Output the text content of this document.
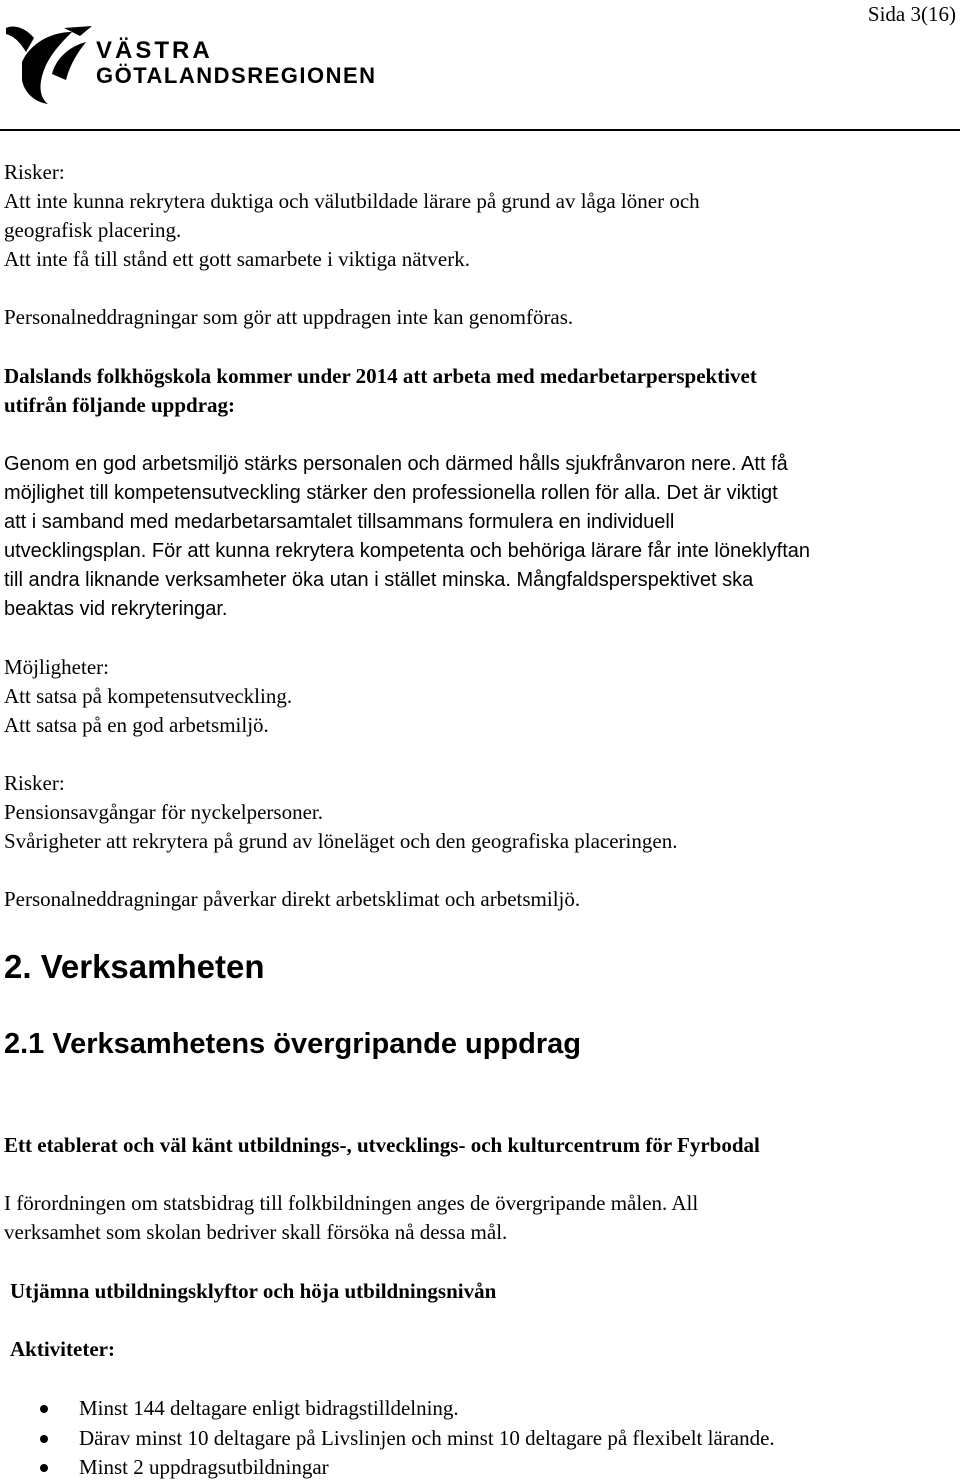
VÄSTRA
GÖTALANDSREGIONEN
Sida 3(16)
Risker:
Att inte kunna rekrytera duktiga och välutbildade lärare på grund av låga löner och
geografisk placering.
Att inte få till stånd ett gott samarbete i viktiga nätverk.
Personalneddragningar som gör att uppdragen inte kan genomföras.
Dalslands folkhögskola kommer under 2014 att arbeta med medarbetarperspektivet
utifrån följande uppdrag:
Genom en god arbetsmiljö stärks personalen och därmed hålls sjukfrånvaron nere. Att få
möjlighet till kompetensutveckling stärker den professionella rollen för alla. Det är viktigt
att i samband med medarbetarsamtalet tillsammans formulera en individuell
utvecklingsplan. För att kunna rekrytera kompetenta och behöriga lärare får inte löneklyftan
till andra liknande verksamheter öka utan i stället minska. Mångfaldsperspektivet ska
beaktas vid rekryteringar.
Möjligheter:
Att satsa på kompetensutveckling.
Att satsa på en god arbetsmiljö.
Risker:
Pensionsavgångar för nyckelpersoner.
Svårigheter att rekrytera på grund av löneläget och den geografiska placeringen.
Personalneddragningar påverkar direkt arbetsklimat och arbetsmiljö.
2. Verksamheten
2.1 Verksamhetens övergripande uppdrag
Ett etablerat och väl känt utbildnings-, utvecklings- och kulturcentrum för Fyrbodal
I förordningen om statsbidrag till folkbildningen anges de övergripande målen. All
verksamhet som skolan bedriver skall försöka nå dessa mål.
Utjämna utbildningsklyftor och höja utbildningsnivån
Aktiviteter:
Minst 144 deltagare enligt bidragstilldelning.
Därav minst 10 deltagare på Livslinjen och minst 10 deltagare på flexibelt lärande.
Minst 2 uppdragsutbildningar
